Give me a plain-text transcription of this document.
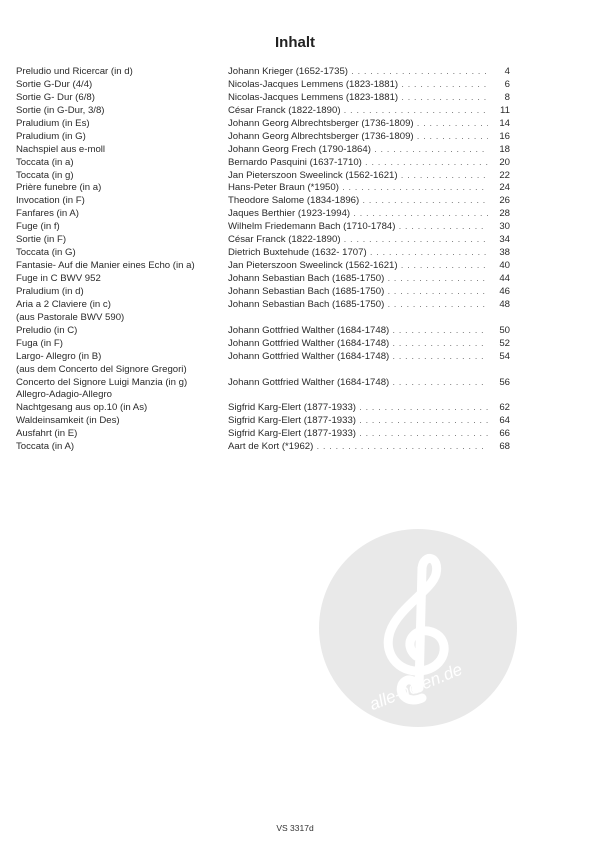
Inhalt
Preludio und Ricercar (in d)	Johann Krieger (1652-1735) . . .	4
Sortie G-Dur (4/4)	Nicolas-Jacques Lemmens (1823-1881) . . .	6
Sortie G- Dur (6/8)	Nicolas-Jacques Lemmens (1823-1881) . . .	8
Sortie (in G-Dur, 3/8)	César Franck (1822-1890) . . .	11
Praludium (in Es)	Johann Georg Albrechtsberger (1736-1809) . . .	14
Praludium (in G)	Johann Georg Albrechtsberger (1736-1809) . . .	16
Nachspiel aus e-moll	Johann Georg Frech (1790-1864) . . .	18
Toccata (in a)	Bernardo Pasquini (1637-1710) . . .	20
Toccata (in g)	Jan Pieterszoon Sweelinck (1562-1621) . . .	22
Prière funebre (in a)	Hans-Peter Braun (*1950) . . .	24
Invocation (in F)	Theodore Salome (1834-1896) . . .	26
Fanfares (in A)	Jaques Berthier (1923-1994) . . .	28
Fuge (in f)	Wilhelm Friedemann Bach (1710-1784) . . .	30
Sortie (in F)	César Franck (1822-1890) . . .	34
Toccata (in G)	Dietrich Buxtehude (1632- 1707) . . .	38
Fantasie- Auf die Manier eines Echo (in a)	Jan Pieterszoon Sweelinck (1562-1621) . . .	40
Fuge in C BWV 952	Johann Sebastian Bach (1685-1750) . . .	44
Praludium (in d)	Johann Sebastian Bach (1685-1750) . . .	46
Aria a 2 Claviere (in c)	Johann Sebastian Bach (1685-1750) . . .	48
(aus Pastorale BWV 590)
Preludio (in C)	Johann Gottfried Walther (1684-1748) . . .	50
Fuga (in F)	Johann Gottfried Walther (1684-1748) . . .	52
Largo- Allegro (in B)	Johann Gottfried Walther (1684-1748) . . .	54
(aus dem Concerto del Signore Gregori)
Concerto del Signore Luigi Manzia (in g)	Johann Gottfried Walther (1684-1748) . . .	56
Allegro-Adagio-Allegro
Nachtgesang aus op.10 (in As)	Sigfrid Karg-Elert (1877-1933) . . .	62
Waldeinsamkeit (in Des)	Sigfrid Karg-Elert (1877-1933) . . .	64
Ausfahrt (in E)	Sigfrid Karg-Elert (1877-1933) . . .	66
Toccata (in A)	Aart de Kort (*1962) . . .	68
alle-noten.de
VS 3317d
